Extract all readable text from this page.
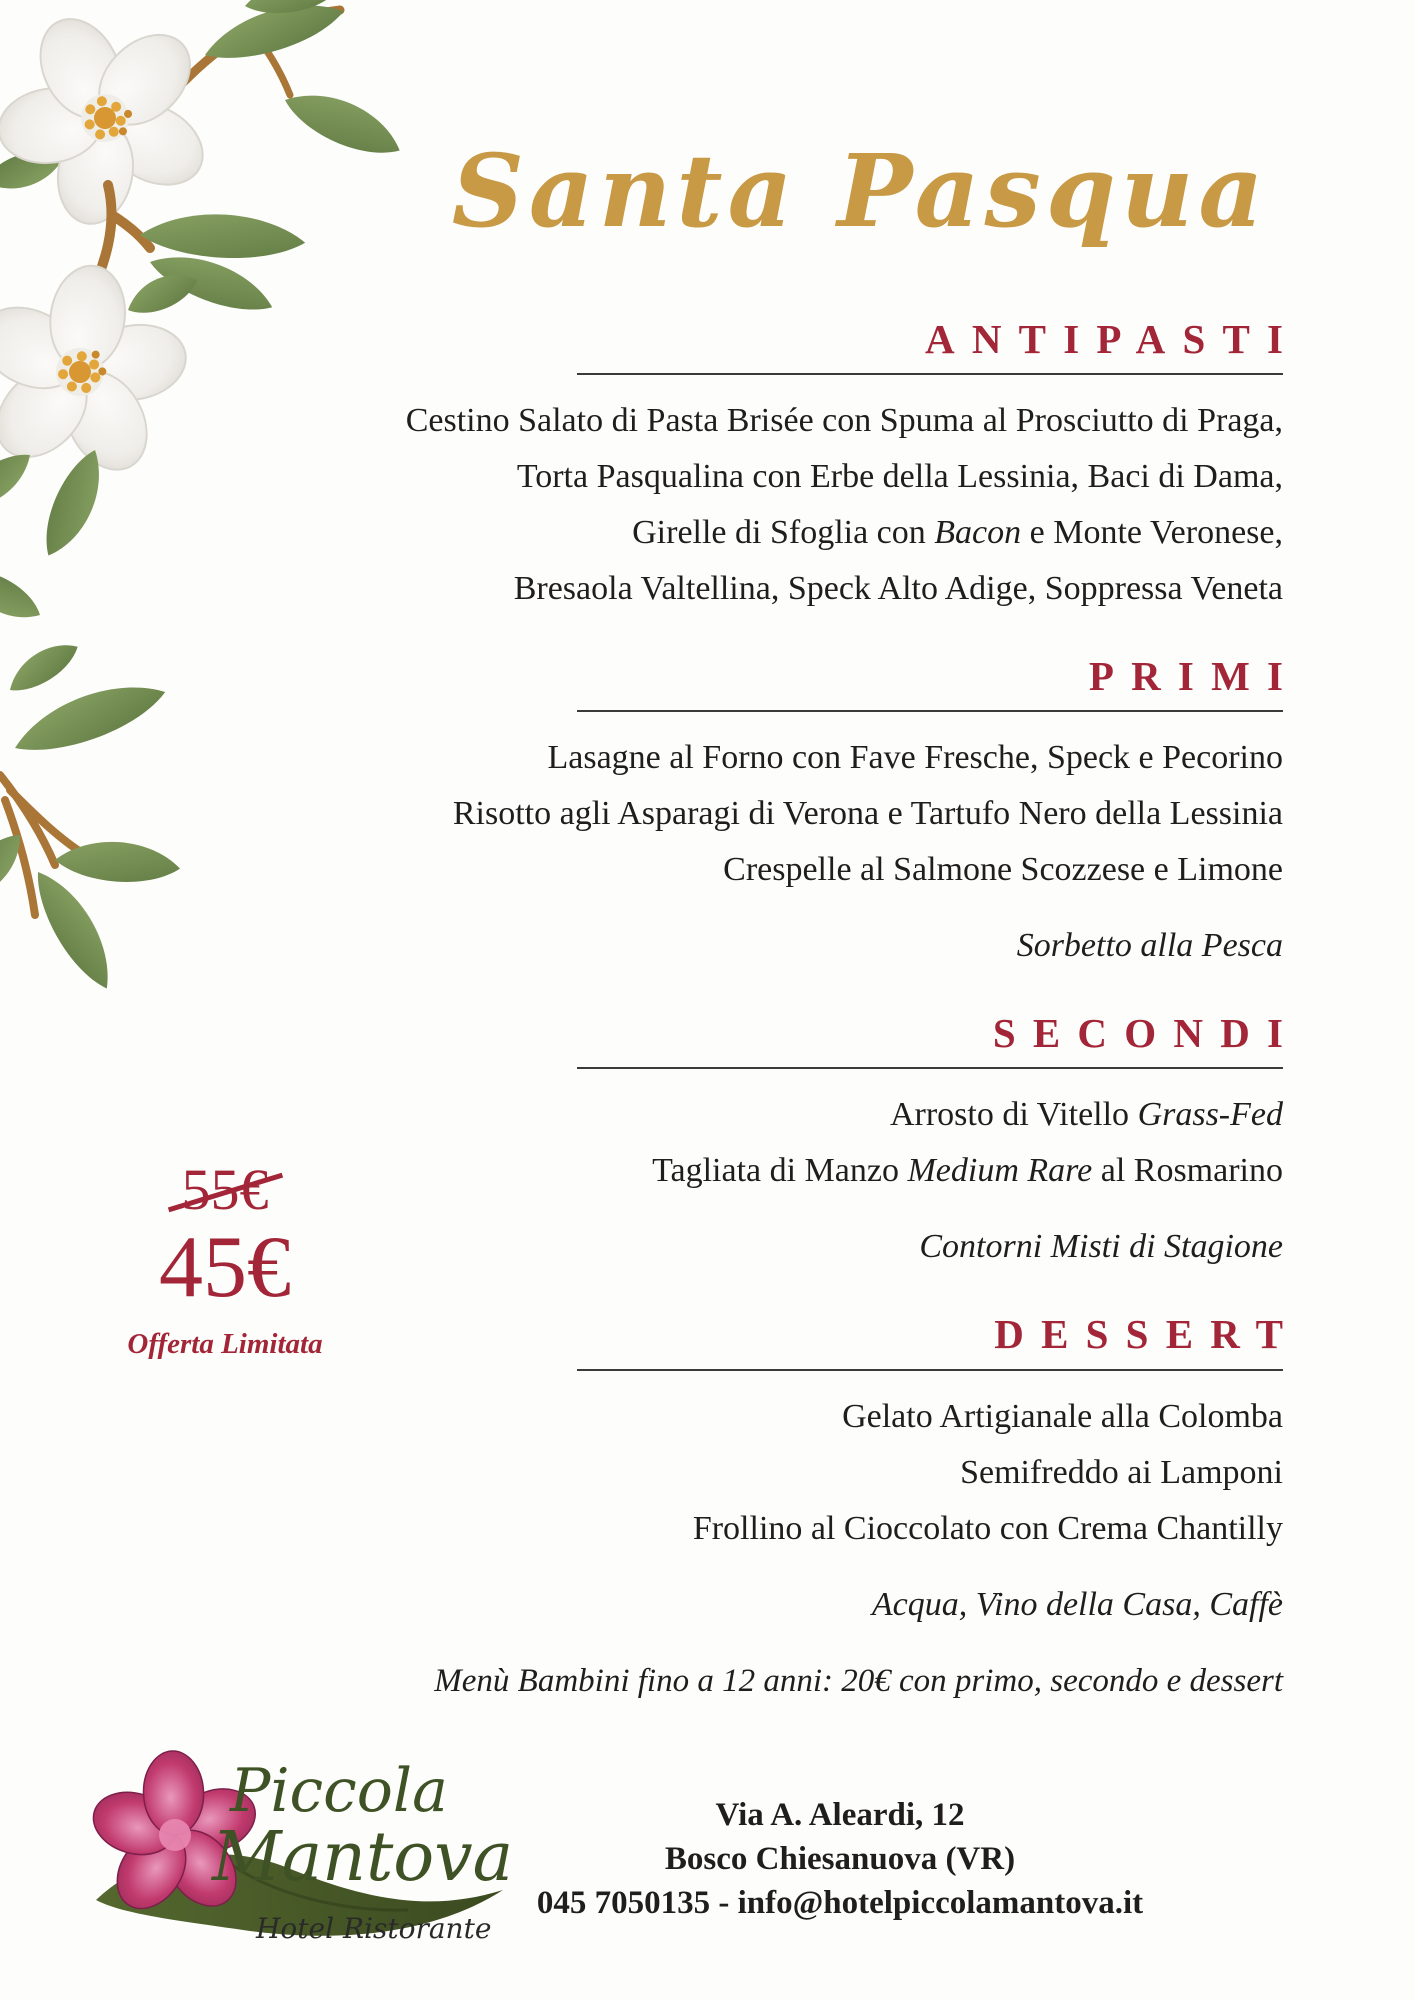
Santa Pasqua
ANTIPASTI

Cestino Salato di Pasta Brisée con Spuma al Prosciutto di Praga,

Torta Pasqualina con Erbe della Lessinia, Baci di Dama,

Girelle di Sfoglia con Bacon e Monte Veronese,

Bresaola Valtellina, Speck Alto Adige, Soppressa Veneta

PRIMI

Lasagne al Forno con Fave Fresche, Speck e Pecorino

Risotto agli Asparagi di Verona e Tartufo Nero della Lessinia

Crespelle al Salmone Scozzese e Limone

Sorbetto alla Pesca

SECONDI

Arrosto di Vitello Grass-Fed

Tagliata di Manzo Medium Rare al Rosmarino

Contorni Misti di Stagione

DESSERT

Gelato Artigianale alla Colomba

Semifreddo ai Lamponi

Frollino al Cioccolato con Crema Chantilly

Acqua, Vino della Casa, Caffè

Menù Bambini fino a 12 anni: 20€ con primo, secondo e dessert

55€
45€
Offerta Limitata
Piccola
Mantova
Hotel Ristorante

Via A. Aleardi, 12

Bosco Chiesanuova (VR)

045 7050135 - info@hotelpiccolamantova.it
